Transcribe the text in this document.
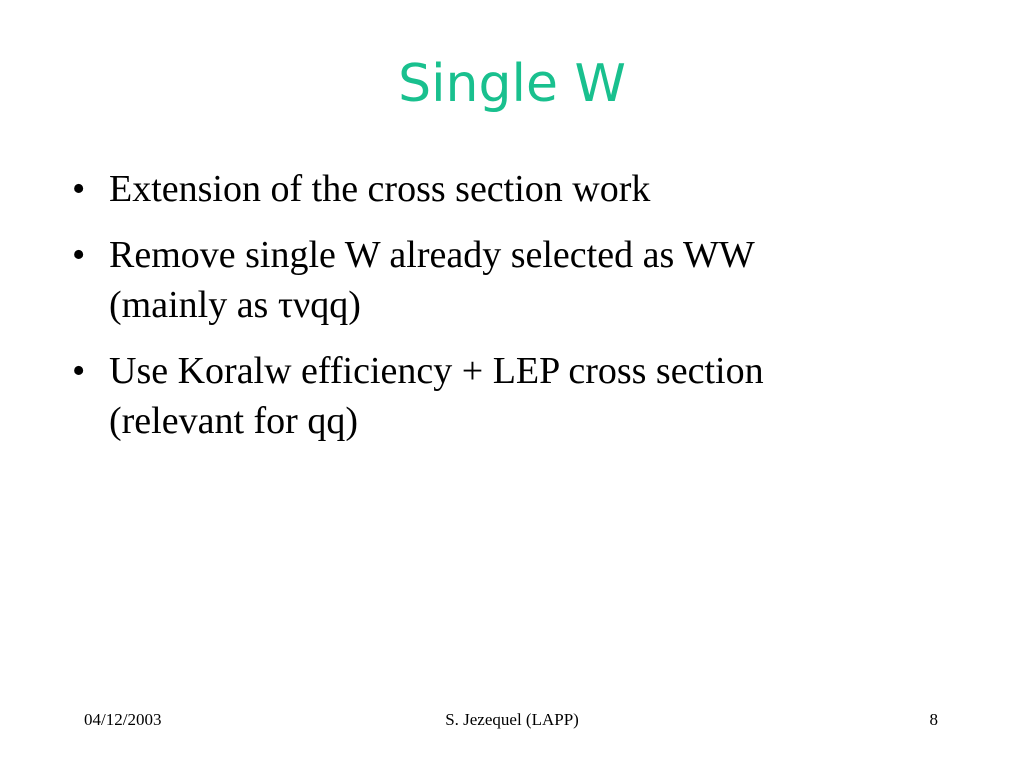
Single W
• Extension of the cross section work
• Remove single W already selected as WW
(mainly as τνqq)
• Use Koralw efficiency + LEP cross section
(relevant for qq)
04/12/2003	S. Jezequel (LAPP)	8
